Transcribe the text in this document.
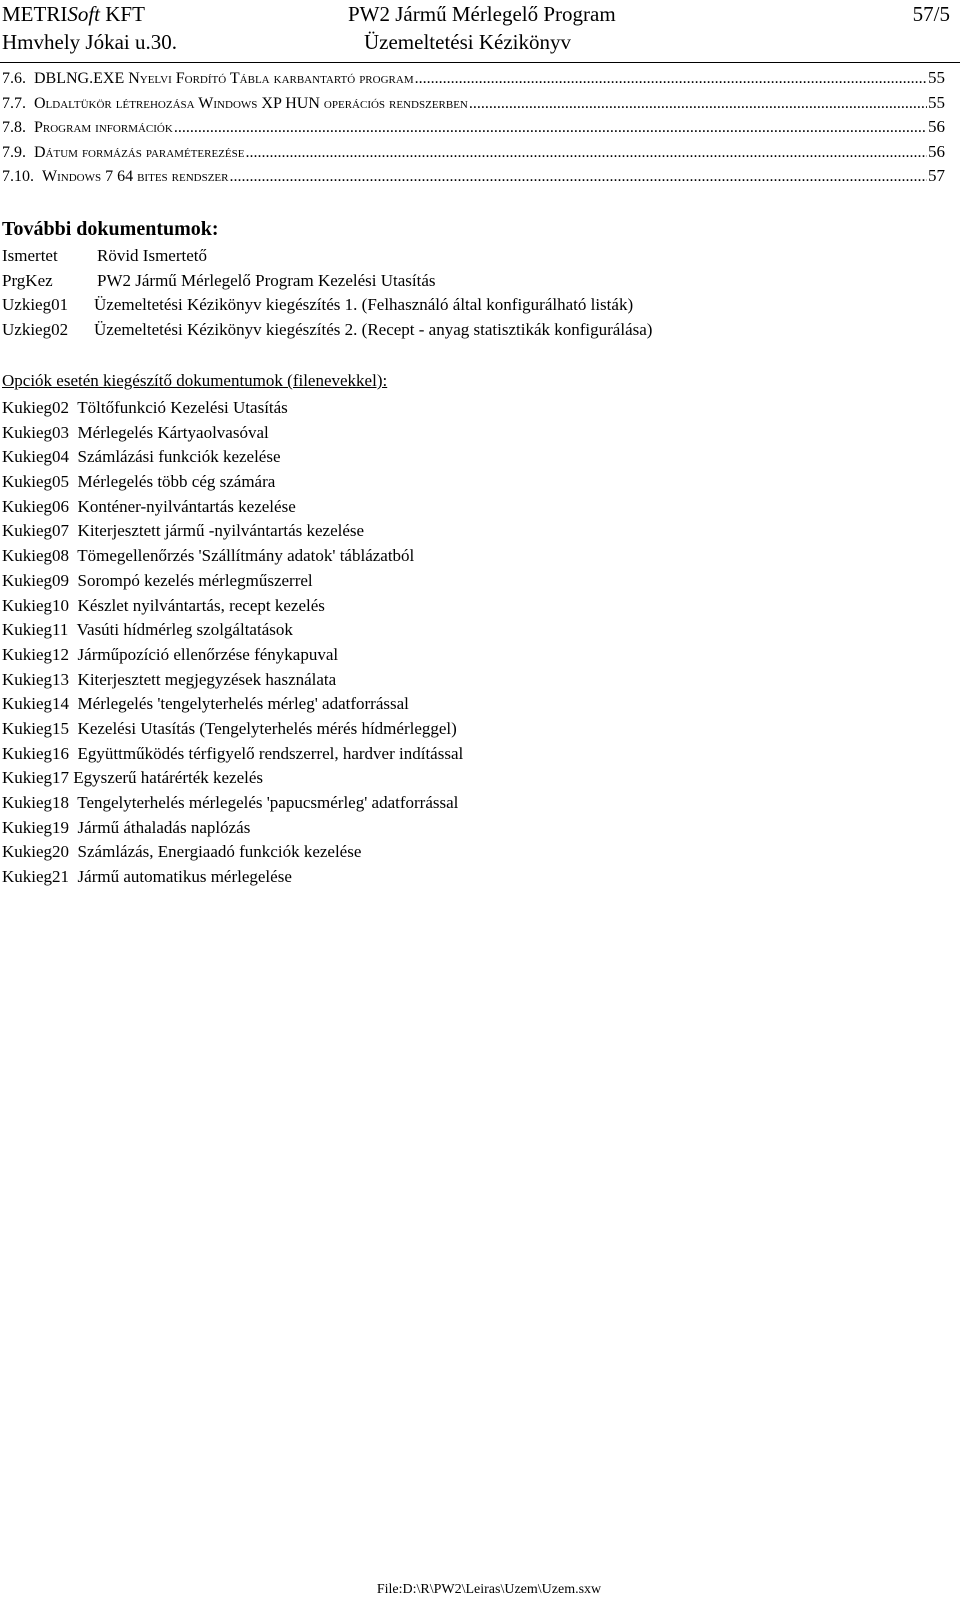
METRISoft KFT
Hmvhely Jókai u.30.
PW2 Jármű Mérlegelő Program
Üzemeltetési Kézikönyv
57/5
7.6. DBLNG.EXE Nyelvi Fordító Tábla karbantartó program .....	55
7.7. Oldaltükör létrehozása Windows XP HUN operációs rendszerben .....	55
7.8. Program információk .....	56
7.9. Dátum formázás paraméterezése .....	56
7.10. Windows 7 64 bites rendszer .....	57
További dokumentumok:
Ismertet Rövid Ismertető
PrgKez	PW2 Jármű Mérlegelő Program Kezelési Utasítás
Uzkieg01 Üzemeltetési Kézikönyv kiegészítés 1. (Felhasználó által konfigurálható listák)
Uzkieg02 Üzemeltetési Kézikönyv kiegészítés 2. (Recept - anyag statisztikák konfigurálása)
Opciók esetén kiegészítő dokumentumok (filenevekkel):
Kukieg02 Töltőfunkció Kezelési Utasítás
Kukieg03 Mérlegelés Kártyaolvasóval
Kukieg04 Számlázási funkciók kezelése
Kukieg05 Mérlegelés több cég számára
Kukieg06 Konténer-nyilvántartás kezelése
Kukieg07 Kiterjesztett jármű -nyilvántartás kezelése
Kukieg08 Tömegellenőrzés 'Szállítmány adatok' táblázatból
Kukieg09 Sorompó kezelés mérlegműszerrel
Kukieg10 Készlet nyilvántartás, recept kezelés
Kukieg11 Vasúti hídmérleg szolgáltatások
Kukieg12 Járműpozíció ellenőrzése fénykapuval
Kukieg13 Kiterjesztett megjegyzések használata
Kukieg14 Mérlegelés 'tengelyterhelés mérleg' adatforrással
Kukieg15 Kezelési Utasítás (Tengelyterhelés mérés hídmérleggel)
Kukieg16 Együttműködés térfigyelő rendszerrel, hardver indítással
Kukieg17 Egyszerű határérték kezelés
Kukieg18 Tengelyterhelés mérlegelés 'papucsmérleg' adatforrással
Kukieg19 Jármű áthaladás naplózás
Kukieg20 Számlázás, Energiaadó funkciók kezelése
Kukieg21 Jármű automatikus mérlegelése
File:D:\R\PW2\Leiras\Uzem\Uzem.sxw
